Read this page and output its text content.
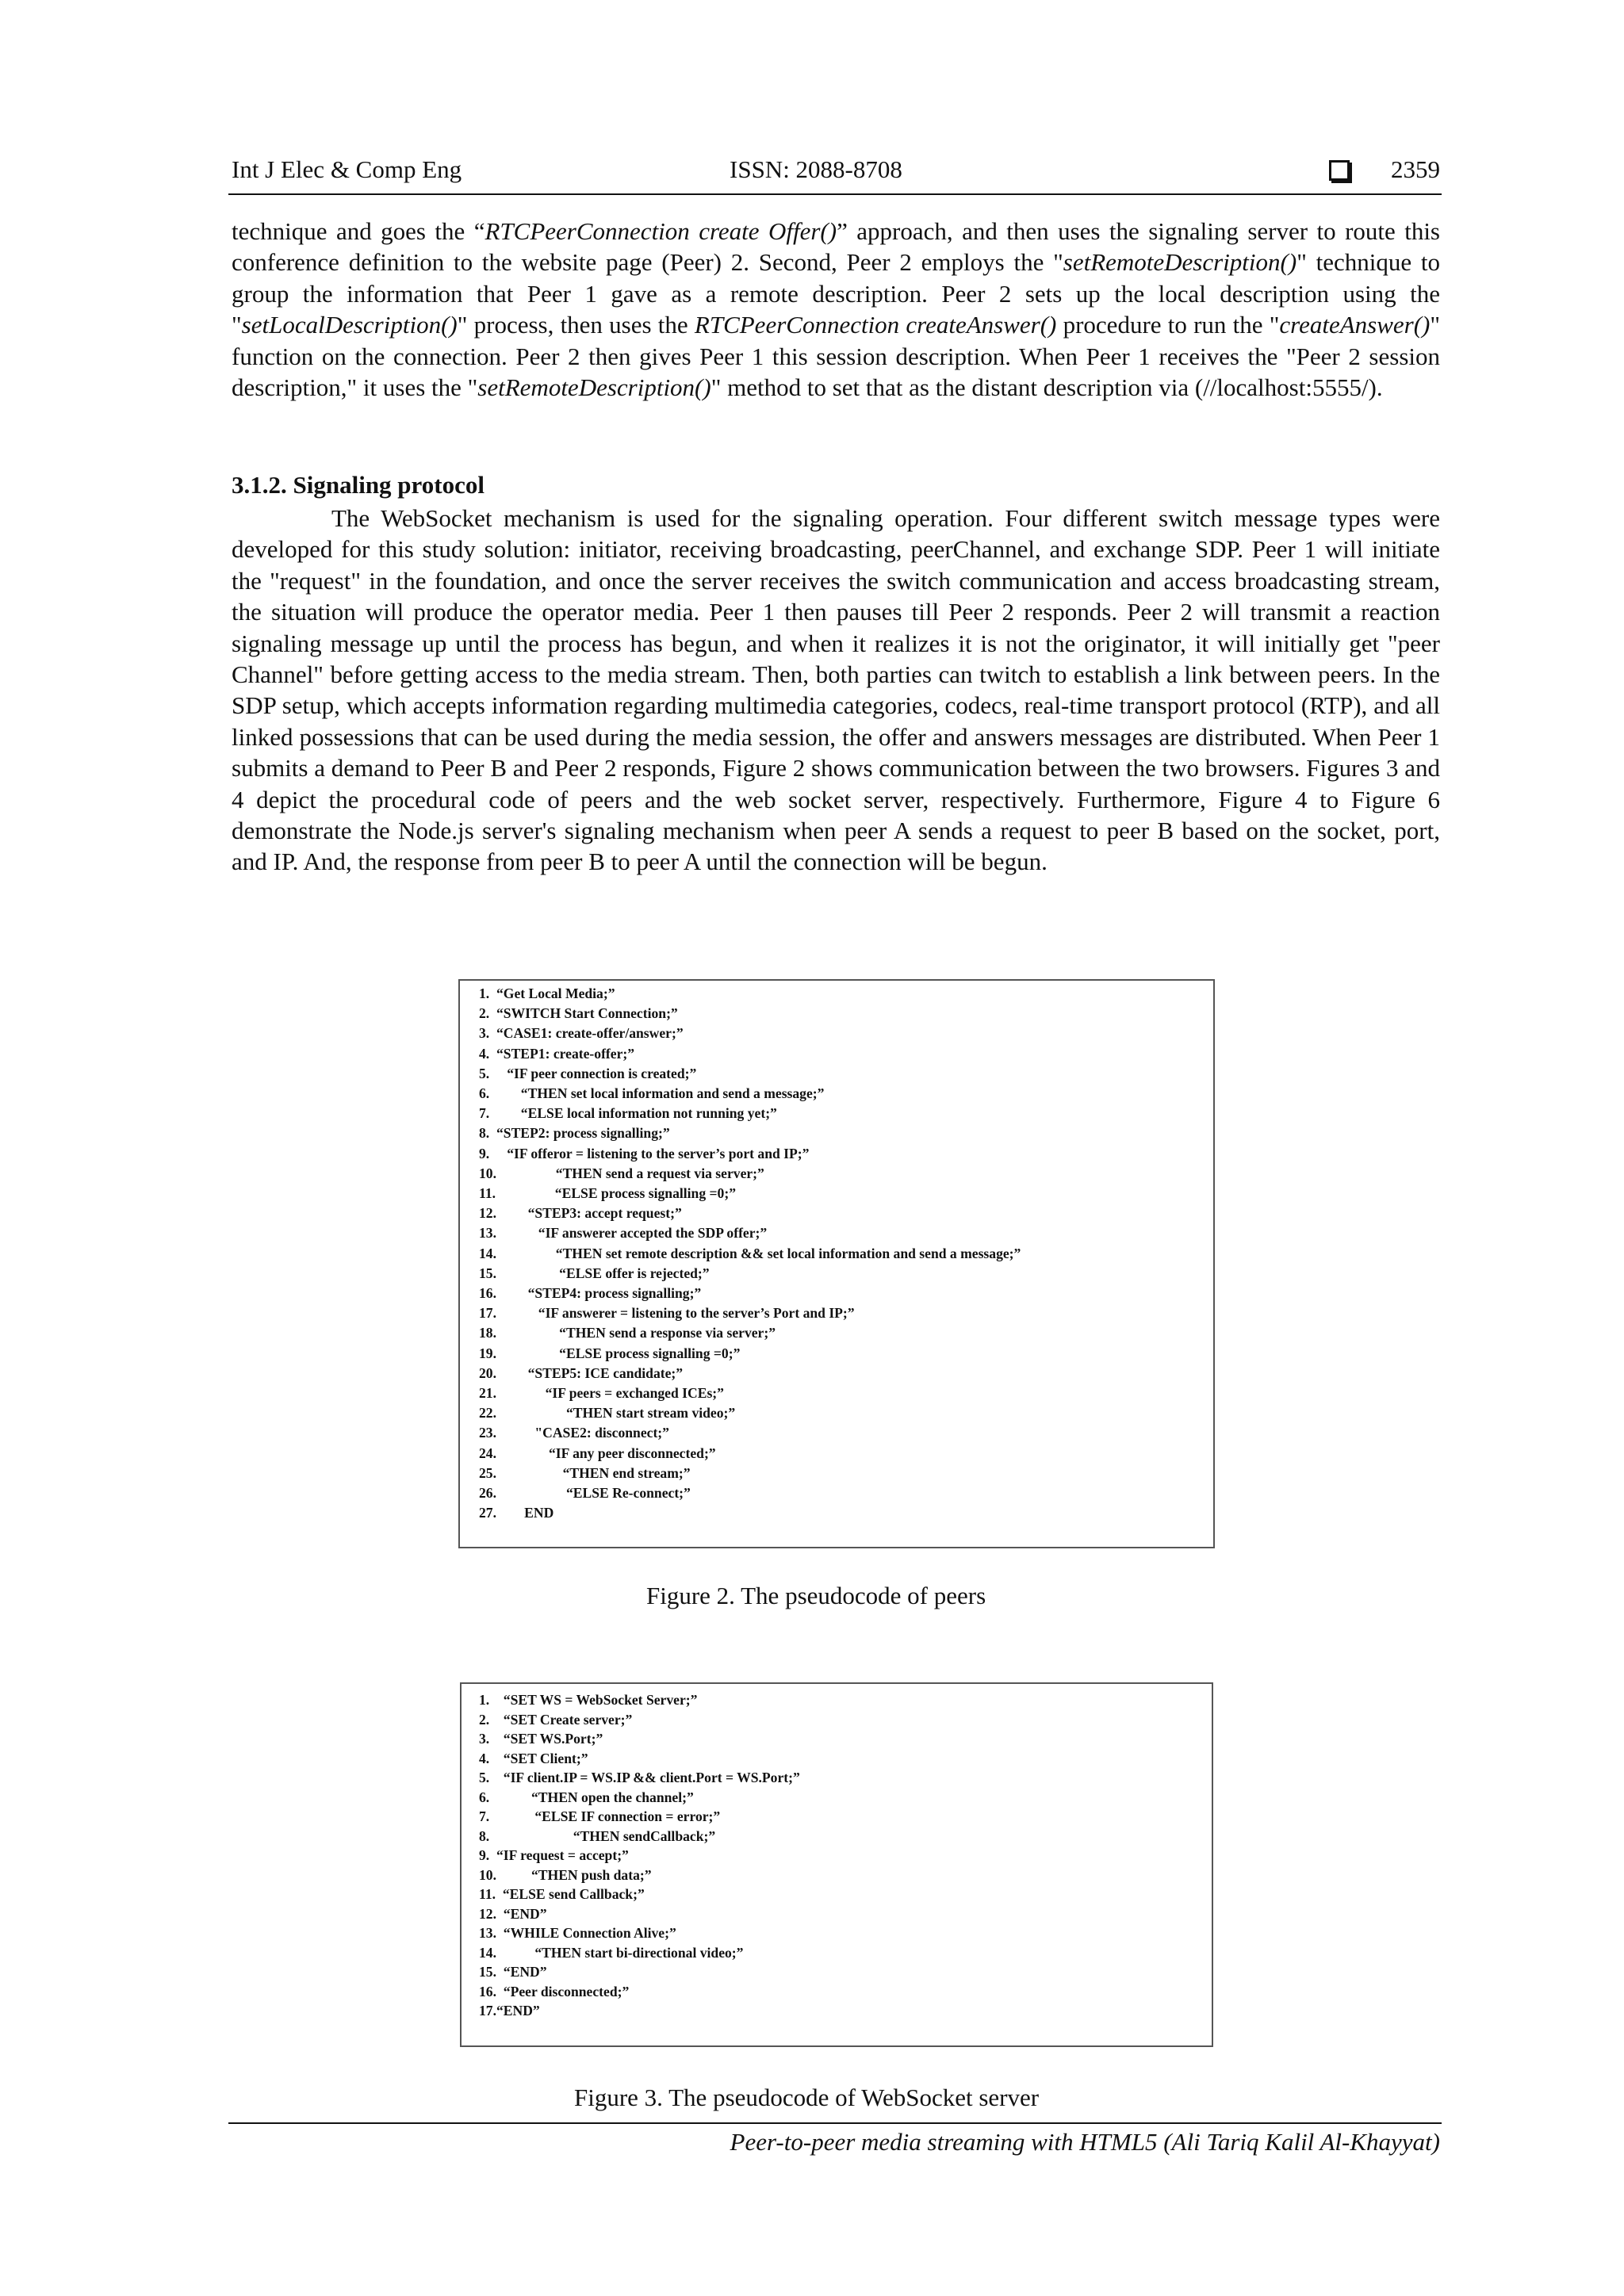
Int J Elec & Comp Eng	ISSN: 2088-8708	2359

technique and goes the “RTCPeerConnection create Offer()” approach, and then uses the signaling server to route this conference definition to the website page (Peer) 2. Second, Peer 2 employs the "setRemoteDescription()" technique to group the information that Peer 1 gave as a remote description. Peer 2 sets up the local description using the "setLocalDescription()" process, then uses the RTCPeerConnection createAnswer() procedure to run the "createAnswer()" function on the connection. Peer 2 then gives Peer 1 this session description. When Peer 1 receives the "Peer 2 session description," it uses the "setRemoteDescription()" method to set that as the distant description via (//localhost:5555/).

3.1.2. Signaling protocol

The WebSocket mechanism is used for the signaling operation. Four different switch message types were developed for this study solution: initiator, receiving broadcasting, peerChannel, and exchange SDP. Peer 1 will initiate the "request" in the foundation, and once the server receives the switch communication and access broadcasting stream, the situation will produce the operator media. Peer 1 then pauses till Peer 2 responds. Peer 2 will transmit a reaction signaling message up until the process has begun, and when it realizes it is not the originator, it will initially get "peer Channel" before getting access to the media stream. Then, both parties can twitch to establish a link between peers. In the SDP setup, which accepts information regarding multimedia categories, codecs, real-time transport protocol (RTP), and all linked possessions that can be used during the media session, the offer and answers messages are distributed. When Peer 1 submits a demand to Peer B and Peer 2 responds, Figure 2 shows communication between the two browsers. Figures 3 and 4 depict the procedural code of peers and the web socket server, respectively. Furthermore, Figure 4 to Figure 6 demonstrate the Node.js server's signaling mechanism when peer A sends a request to peer B based on the socket, port, and IP. And, the response from peer B to peer A until the connection will be begun.

1.  “Get Local Media;”
2.  “SWITCH Start Connection;”
3.  “CASE1: create-offer/answer;”
4.  “STEP1: create-offer;”
5.     “IF peer connection is created;”
6.         “THEN set local information and send a message;”
7.         “ELSE local information not running yet;”
8.  “STEP2: process signalling;”
9.     “IF offeror = listening to the server’s port and IP;”
10.                 “THEN send a request via server;”
11.                 “ELSE process signalling =0;”
12.         “STEP3: accept request;”
13.            “IF answerer accepted the SDP offer;”
14.                 “THEN set remote description && set local information and send a message;”
15.                  “ELSE offer is rejected;”
16.         “STEP4: process signalling;”
17.            “IF answerer = listening to the server’s Port and IP;”
18.                  “THEN send a response via server;”
19.                  “ELSE process signalling =0;”
20.         “STEP5: ICE candidate;”
21.              “IF peers = exchanged ICEs;”
22.                    “THEN start stream video;”
23.           "CASE2: disconnect;”
24.               “IF any peer disconnected;”
25.                   “THEN end stream;”
26.                    “ELSE Re-connect;”
27.        END

Figure 2. The pseudocode of peers

1.    “SET WS = WebSocket Server;”
2.    “SET Create server;”
3.    “SET WS.Port;”
4.    “SET Client;”
5.    “IF client.IP = WS.IP && client.Port = WS.Port;”
6.            “THEN open the channel;”
7.             “ELSE IF connection = error;”
8.                        “THEN sendCallback;”
9.  “IF request = accept;”
10.          “THEN push data;”
11.  “ELSE send Callback;”
12.  “END”
13.  “WHILE Connection Alive;”
14.           “THEN start bi-directional video;”
15.  “END”
16.  “Peer disconnected;”
17.“END”

Figure 3. The pseudocode of WebSocket server

Peer-to-peer media streaming with HTML5 (Ali Tariq Kalil Al-Khayyat)
